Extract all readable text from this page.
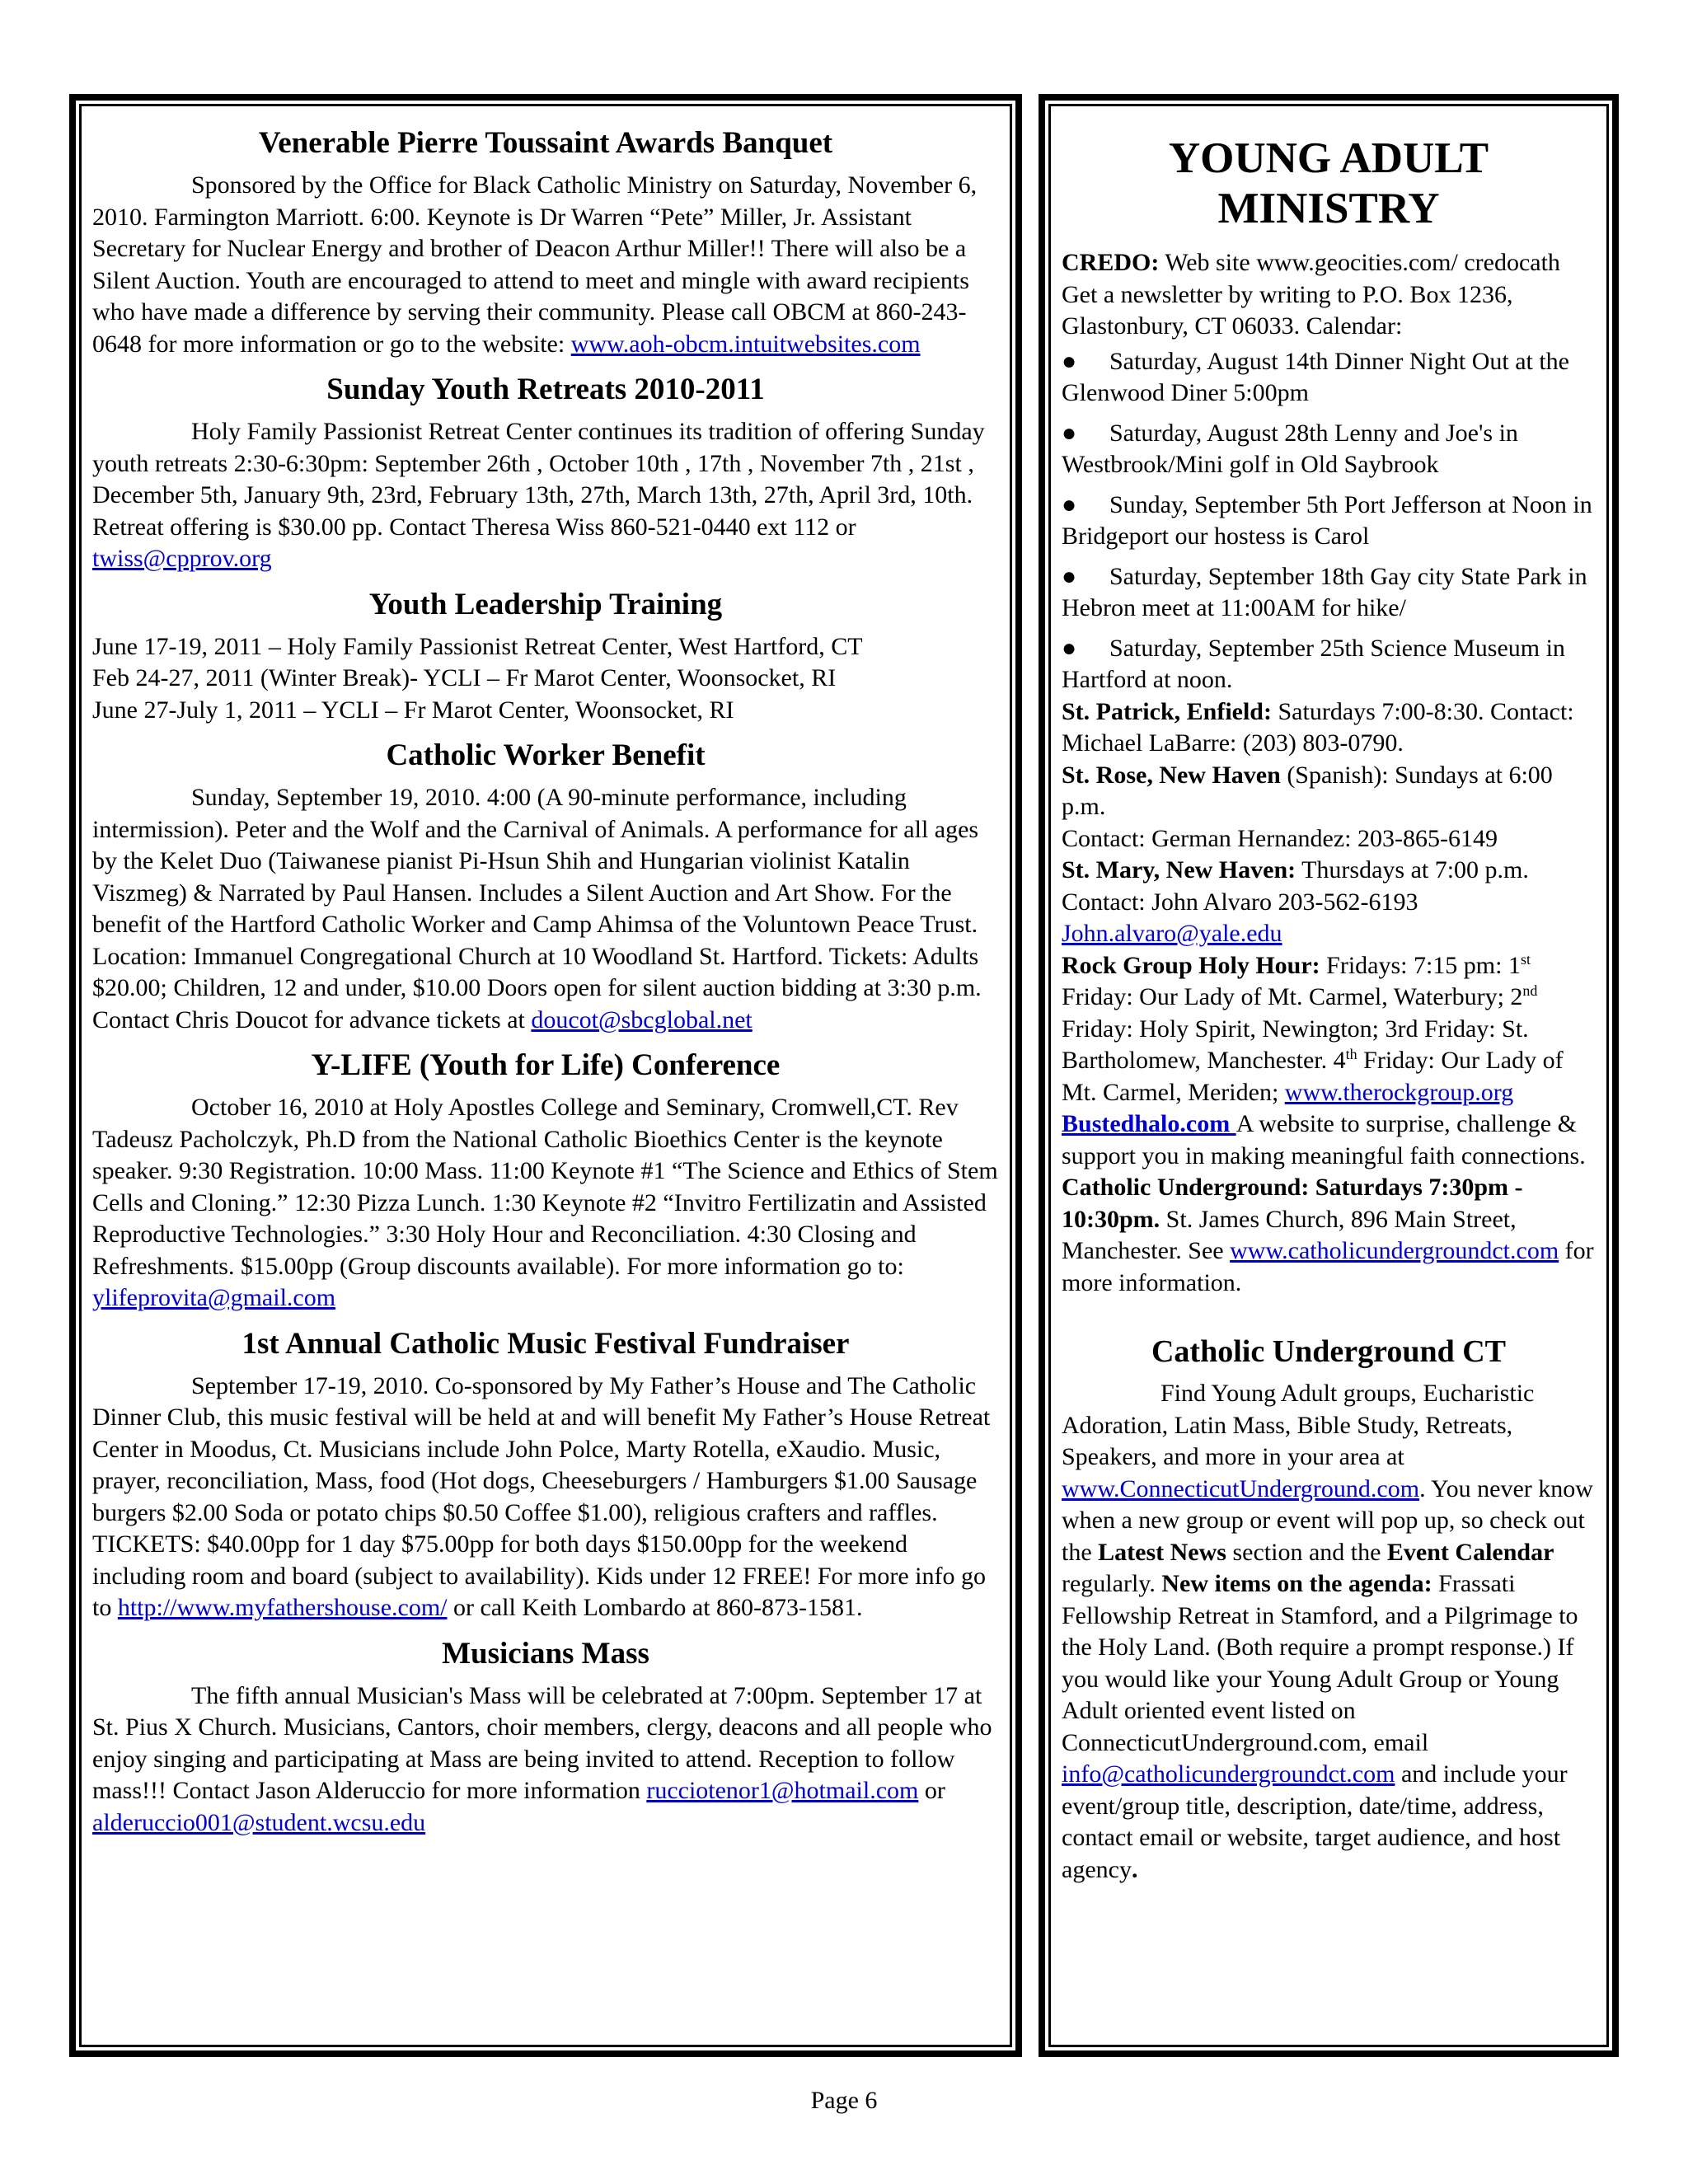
Venerable Pierre Toussaint Awards Banquet

Sponsored by the Office for Black Catholic Ministry on Saturday, November 6, 2010. Farmington Marriott. 6:00. Keynote is Dr Warren “Pete” Miller, Jr. Assistant Secretary for Nuclear Energy and brother of Deacon Arthur Miller!! There will also be a Silent Auction. Youth are encouraged to attend to meet and mingle with award recipients who have made a difference by serving their community. Please call OBCM at 860-243-0648 for more information or go to the website: www.aoh-obcm.intuitwebsites.com

Sunday Youth Retreats 2010-2011

Holy Family Passionist Retreat Center continues its tradition of offering Sunday youth retreats 2:30-6:30pm: September 26th , October 10th , 17th , November 7th , 21st , December 5th, January 9th, 23rd, February 13th, 27th, March 13th, 27th, April 3rd, 10th. Retreat offering is $30.00 pp. Contact Theresa Wiss 860-521-0440 ext 112 or twiss@cpprov.org

Youth Leadership Training

June 17-19, 2011 – Holy Family Passionist Retreat Center, West Hartford, CT

Feb 24-27, 2011 (Winter Break)- YCLI – Fr Marot Center, Woonsocket, RI

June 27-July 1, 2011 – YCLI – Fr Marot Center, Woonsocket, RI

Catholic Worker Benefit

Sunday, September 19, 2010. 4:00 (A 90-minute performance, including intermission). Peter and the Wolf and the Carnival of Animals. A performance for all ages by the Kelet Duo (Taiwanese pianist Pi-Hsun Shih and Hungarian violinist Katalin Viszmeg) & Narrated by Paul Hansen. Includes a Silent Auction and Art Show. For the benefit of the Hartford Catholic Worker and Camp Ahimsa of the Voluntown Peace Trust. Location: Immanuel Congregational Church at 10 Woodland St. Hartford. Tickets: Adults $20.00; Children, 12 and under, $10.00 Doors open for silent auction bidding at 3:30 p.m. Contact Chris Doucot for advance tickets at doucot@sbcglobal.net

Y-LIFE (Youth for Life) Conference

October 16, 2010 at Holy Apostles College and Seminary, Cromwell,CT. Rev Tadeusz Pacholczyk, Ph.D from the National Catholic Bioethics Center is the keynote speaker. 9:30 Registration. 10:00 Mass. 11:00 Keynote #1 “The Science and Ethics of Stem Cells and Cloning.” 12:30 Pizza Lunch. 1:30 Keynote #2 “Invitro Fertilizatin and Assisted Reproductive Technologies.” 3:30 Holy Hour and Reconciliation. 4:30 Closing and Refreshments. $15.00pp (Group discounts available). For more information go to: ylifeprovita@gmail.com

1st Annual Catholic Music Festival Fundraiser

September 17-19, 2010. Co-sponsored by My Father’s House and The Catholic Dinner Club, this music festival will be held at and will benefit My Father’s House Retreat Center in Moodus, Ct. Musicians include John Polce, Marty Rotella, eXaudio. Music, prayer, reconciliation, Mass, food (Hot dogs, Cheeseburgers / Hamburgers $1.00 Sausage burgers $2.00 Soda or potato chips $0.50 Coffee $1.00), religious crafters and raffles. TICKETS: $40.00pp for 1 day $75.00pp for both days $150.00pp for the weekend including room and board (subject to availability). Kids under 12 FREE! For more info go to http://www.myfathershouse.com/ or call Keith Lombardo at 860-873-1581.

Musicians Mass

The fifth annual Musician's Mass will be celebrated at 7:00pm. September 17 at St. Pius X Church. Musicians, Cantors, choir members, clergy, deacons and all people who enjoy singing and participating at Mass are being invited to attend. Reception to follow mass!!! Contact Jason Alderuccio for more information rucciotenor1@hotmail.com or alderuccio001@student.wcsu.edu

YOUNG ADULT
MINISTRY

CREDO: Web site www.geocities.com/ credocath Get a newsletter by writing to P.O. Box 1236, Glastonbury, CT 06033. Calendar:

● Saturday, August 14th Dinner Night Out at the Glenwood Diner 5:00pm
● Saturday, August 28th Lenny and Joe's in Westbrook/Mini golf in Old Saybrook
● Sunday, September 5th Port Jefferson at Noon in Bridgeport our hostess is Carol
● Saturday, September 18th Gay city State Park in Hebron meet at 11:00AM for hike/
● Saturday, September 25th Science Museum in

Hartford at noon.

St. Patrick, Enfield: Saturdays 7:00-8:30. Contact: Michael LaBarre: (203) 803-0790.

St. Rose, New Haven (Spanish): Sundays at 6:00 p.m.

Contact: German Hernandez: 203-865-6149

St. Mary, New Haven: Thursdays at 7:00 p.m. Contact: John Alvaro 203-562-6193
John.alvaro@yale.edu

Rock Group Holy Hour: Fridays: 7:15 pm: 1st Friday: Our Lady of Mt. Carmel, Waterbury; 2nd Friday: Holy Spirit, Newington; 3rd Friday: St. Bartholomew, Manchester. 4th Friday: Our Lady of Mt. Carmel, Meriden; www.therockgroup.org

Bustedhalo.com A website to surprise, challenge & support you in making meaningful faith connections.

Catholic Underground: Saturdays 7:30pm - 10:30pm. St. James Church, 896 Main Street, Manchester. See www.catholicundergroundct.com for more information.

Catholic Underground CT

Find Young Adult groups, Eucharistic Adoration, Latin Mass, Bible Study, Retreats, Speakers, and more in your area at www.ConnecticutUnderground.com. You never know when a new group or event will pop up, so check out the Latest News section and the Event Calendar regularly. New items on the agenda: Frassati Fellowship Retreat in Stamford, and a Pilgrimage to the Holy Land. (Both require a prompt response.) If you would like your Young Adult Group or Young Adult oriented event listed on ConnecticutUnderground.com, email info@catholicundergroundct.com and include your event/group title, description, date/time, address, contact email or website, target audience, and host agency.

Page 6
